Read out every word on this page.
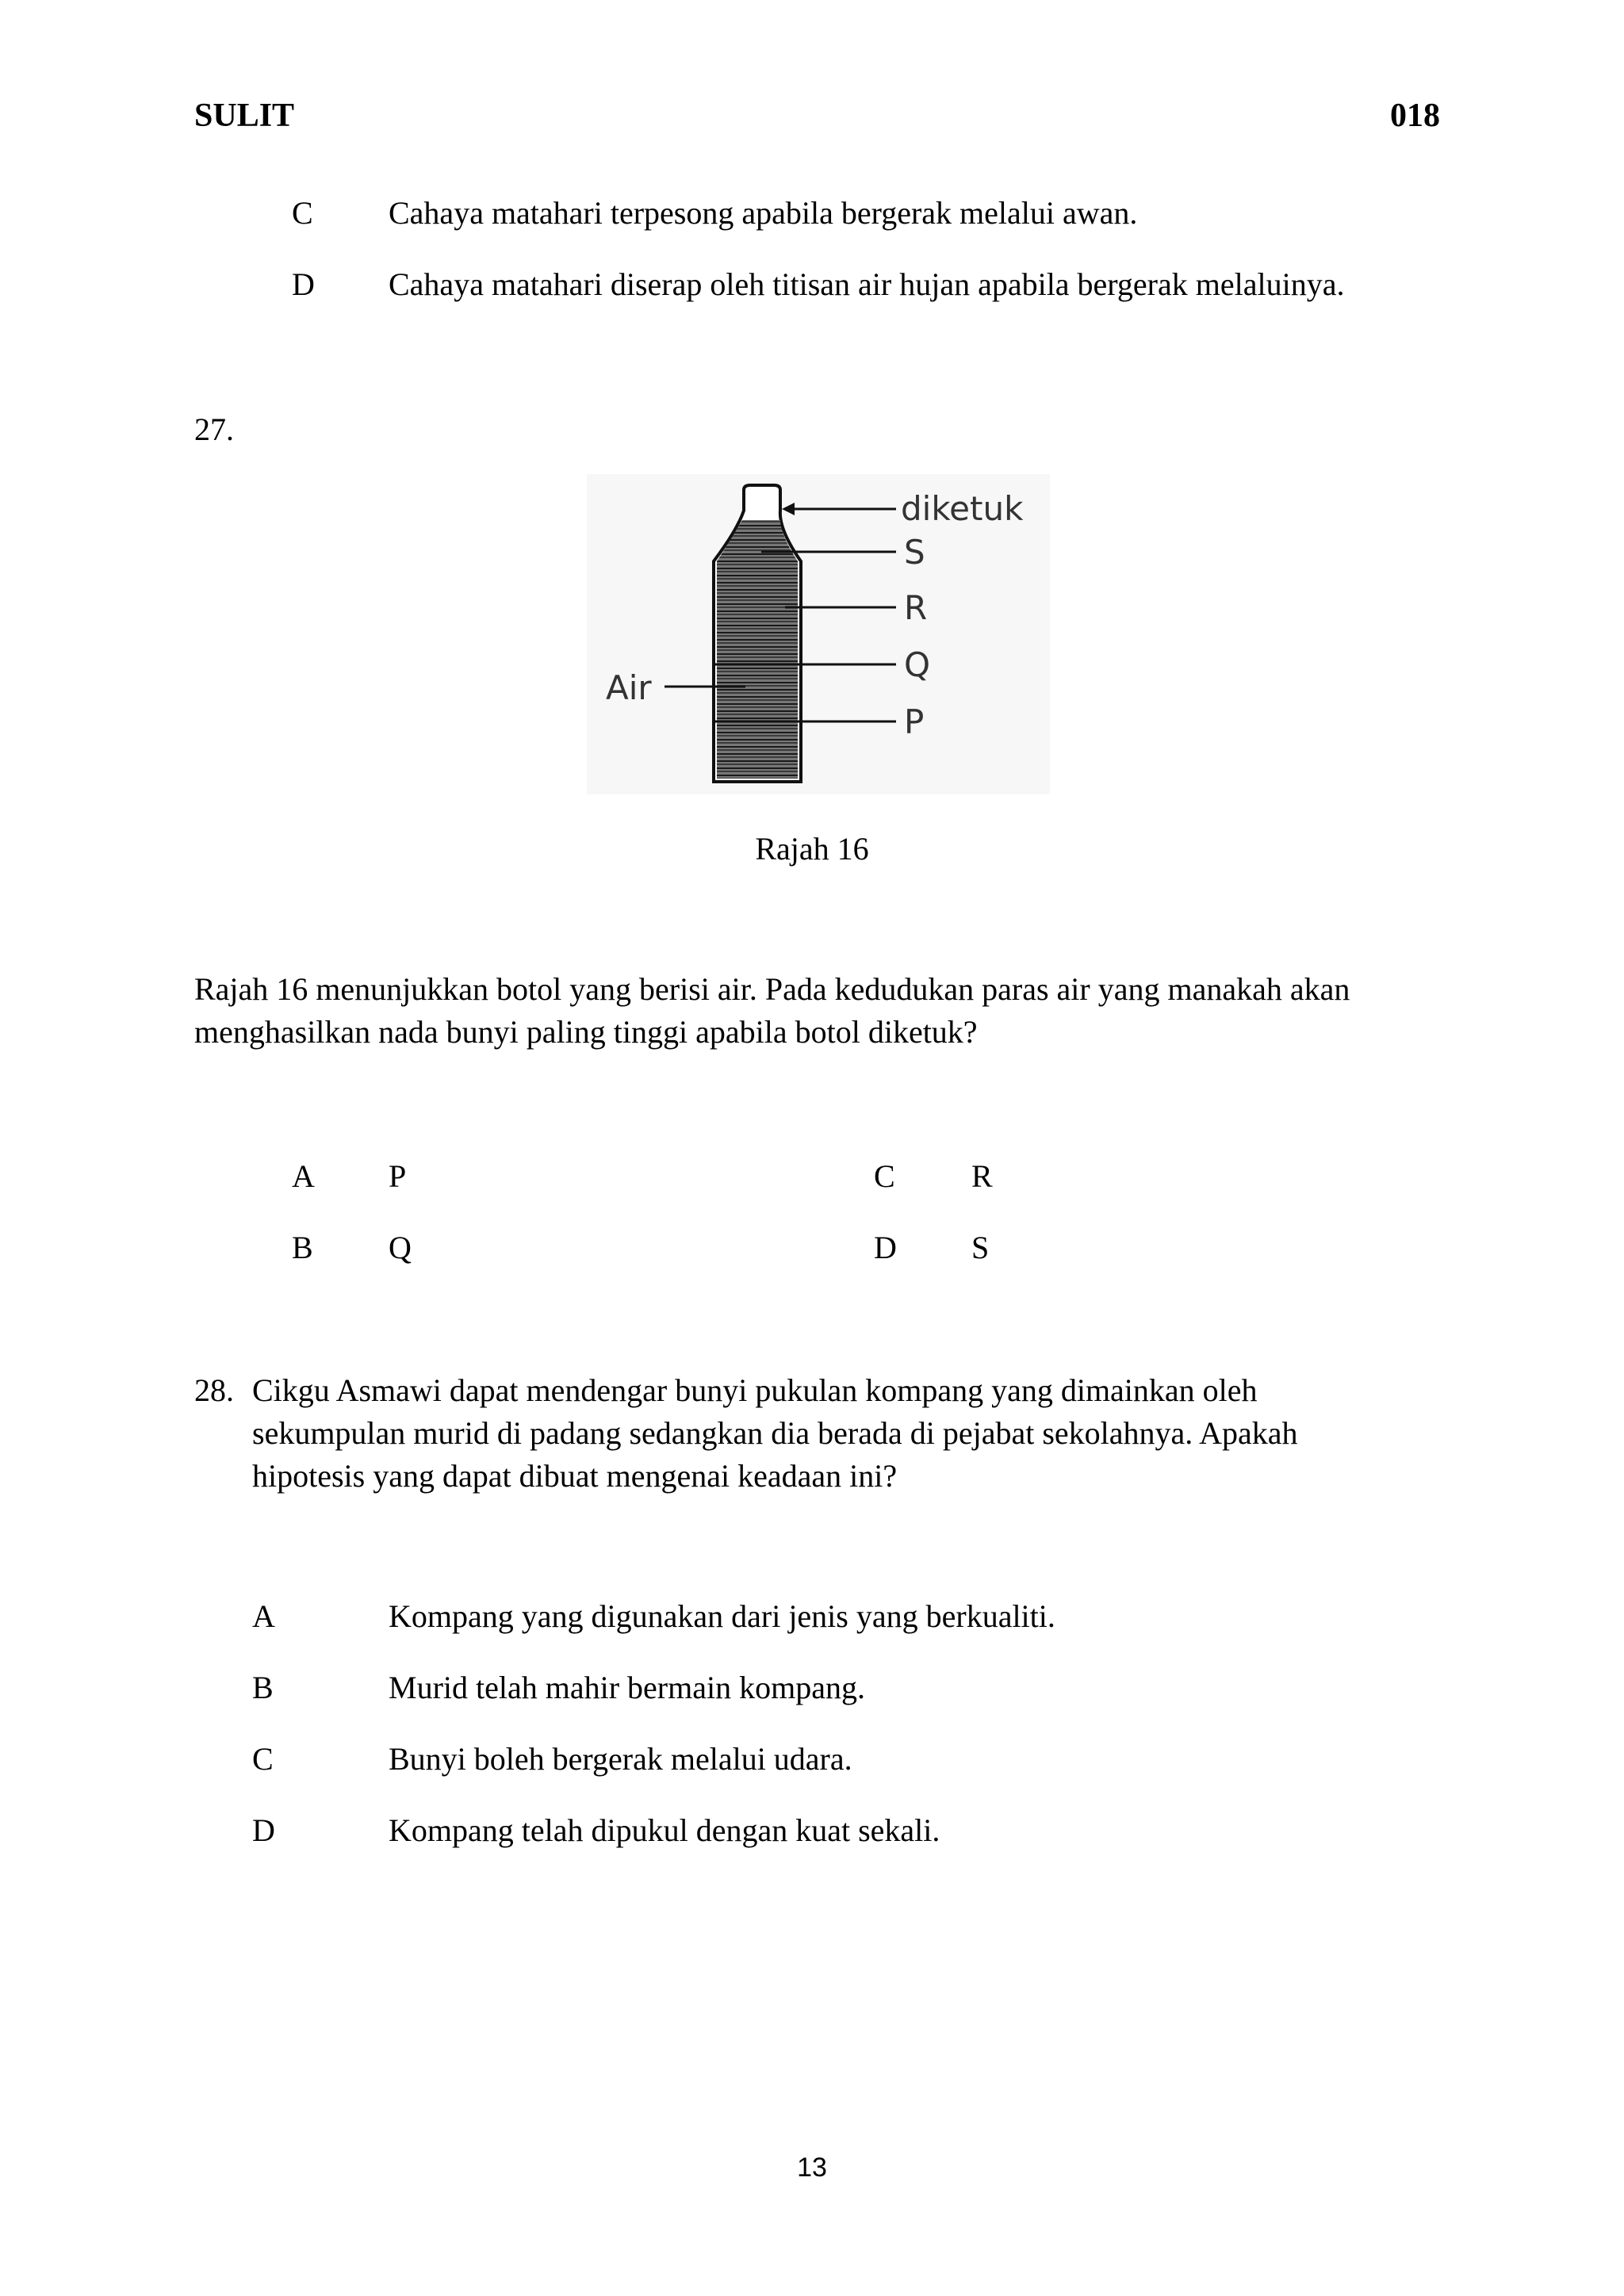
SULIT	018
C Cahaya matahari terpesong apabila bergerak melalui awan.
D Cahaya matahari diserap oleh titisan air hujan apabila bergerak melaluinya.
27.
diketuk
S
R
Q
P
Air
Rajah 16
Rajah 16 menunjukkan botol yang berisi air. Pada kedudukan paras air yang manakah akan
menghasilkan nada bunyi paling tinggi apabila botol diketuk?
A P
B Q
C R
D S
28. Cikgu Asmawi dapat mendengar bunyi pukulan kompang yang dimainkan oleh
sekumpulan murid di padang sedangkan dia berada di pejabat sekolahnya. Apakah
hipotesis yang dapat dibuat mengenai keadaan ini?
A	Kompang yang digunakan dari jenis yang berkualiti.
B	Murid telah mahir bermain kompang.
C	Bunyi boleh bergerak melalui udara.
D	Kompang telah dipukul dengan kuat sekali.
13
